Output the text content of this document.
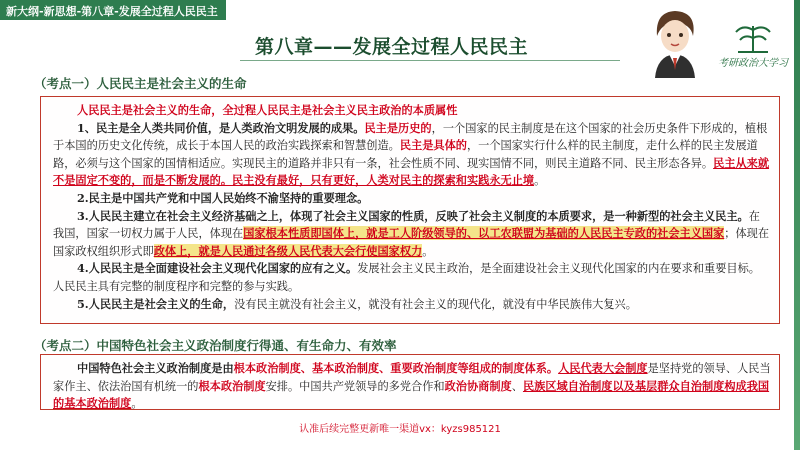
新大纲-新思想-第八章-发展全过程人民民主
第八章——发展全过程人民民主
考研政治大学习
（考点一）人民民主是社会主义的生命

人民民主是社会主义的生命，全过程人民民主是社会主义民主政治的本质属性

1、民主是全人类共同价值，是人类政治文明发展的成果。民主是历史的，一个国家的民主制度是在这个国家的社会历史条件下形成的，植根于本国的历史文化传统，成长于本国人民的政治实践探索和智慧创造。民主是具体的，一个国家实行什么样的民主制度，走什么样的民主发展道路，必须与这个国家的国情相适应。实现民主的道路并非只有一条，社会性质不同、现实国情不同，则民主道路不同、民主形态各异。民主从来就不是固定不变的，而是不断发展的。民主没有最好，只有更好，人类对民主的探索和实践永无止境。

2.民主是中国共产党和中国人民始终不渝坚持的重要理念。

3.人民民主建立在社会主义经济基础之上，体现了社会主义国家的性质，反映了社会主义制度的本质要求，是一种新型的社会主义民主。在我国，国家一切权力属于人民，体现在国家根本性质即国体上，就是工人阶级领导的、以工农联盟为基础的人民民主专政的社会主义国家；体现在国家政权组织形式即政体上，就是人民通过各级人民代表大会行使国家权力。

4.人民民主是全面建设社会主义现代化国家的应有之义。发展社会主义民主政治，是全面建设社会主义现代化国家的内在要求和重要目标。人民民主具有完整的制度程序和完整的参与实践。

5.人民民主是社会主义的生命，没有民主就没有社会主义，就没有社会主义的现代化，就没有中华民族伟大复兴。

（考点二）中国特色社会主义政治制度行得通、有生命力、有效率

中国特色社会主义政治制度是由根本政治制度、基本政治制度、重要政治制度等组成的制度体系。人民代表大会制度是坚持党的领导、人民当家作主、依法治国有机统一的根本政治制度安排。中国共产党领导的多党合作和政治协商制度、民族区域自治制度以及基层群众自治制度构成我国的基本政治制度。

认准后续完整更新唯一渠道vx：kyzs985121
